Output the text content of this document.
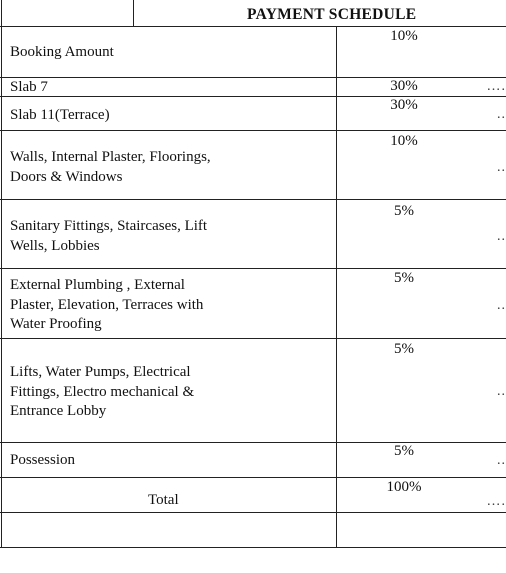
PAYMENT SCHEDULE
Booking Amount
10%
Slab 7	30%	….
Slab 11(Terrace)
30%
..
Walls, Internal Plaster, Floorings,
Doors & Windows
10%
..
Sanitary Fittings, Staircases, Lift
Wells, Lobbies
5%
..
External Plumbing , External
Plaster, Elevation, Terraces with
Water Proofing
5%
..
Lifts, Water Pumps, Electrical
Fittings, Electro mechanical &
Entrance Lobby
5%
..
Possession
5%
..
Total
100%
….
